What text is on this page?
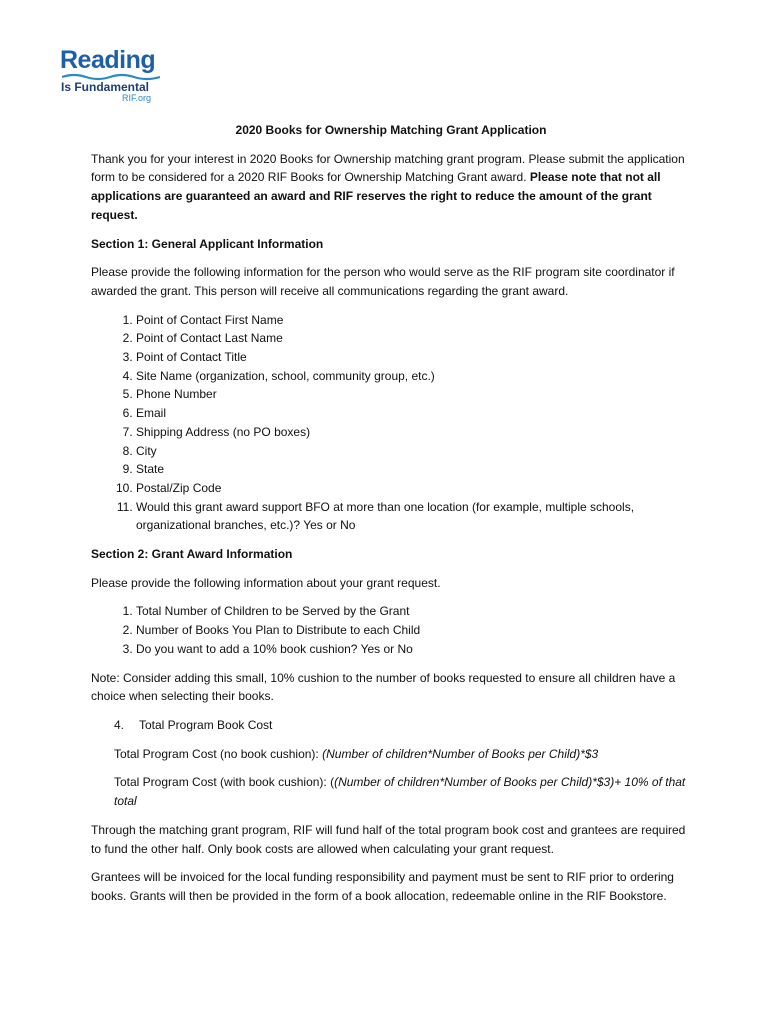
Reading
Is Fundamental
RIF.org
2020 Books for Ownership Matching Grant Application

Thank you for your interest in 2020 Books for Ownership matching grant program. Please submit the application form to be considered for a 2020 RIF Books for Ownership Matching Grant award. Please note that not all applications are guaranteed an award and RIF reserves the right to reduce the amount of the grant request.

Section 1: General Applicant Information

Please provide the following information for the person who would serve as the RIF program site coordinator if awarded the grant. This person will receive all communications regarding the grant award.

1. Point of Contact First Name
2. Point of Contact Last Name
3. Point of Contact Title
4. Site Name (organization, school, community group, etc.)
5. Phone Number
6. Email
7. Shipping Address (no PO boxes)
8. City
9. State
10. Postal/Zip Code
11. Would this grant award support BFO at more than one location (for example, multiple schools, organizational branches, etc.)? Yes or No

Section 2: Grant Award Information

Please provide the following information about your grant request.

1. Total Number of Children to be Served by the Grant
2. Number of Books You Plan to Distribute to each Child
3. Do you want to add a 10% book cushion? Yes or No

Note: Consider adding this small, 10% cushion to the number of books requested to ensure all children have a choice when selecting their books.

4. Total Program Book Cost

Total Program Cost (no book cushion): (Number of children*Number of Books per Child)*$3

Total Program Cost (with book cushion): ((Number of children*Number of Books per Child)*$3)+ 10% of that total

Through the matching grant program, RIF will fund half of the total program book cost and grantees are required to fund the other half. Only book costs are allowed when calculating your grant request.

Grantees will be invoiced for the local funding responsibility and payment must be sent to RIF prior to ordering books. Grants will then be provided in the form of a book allocation, redeemable online in the RIF Bookstore.
